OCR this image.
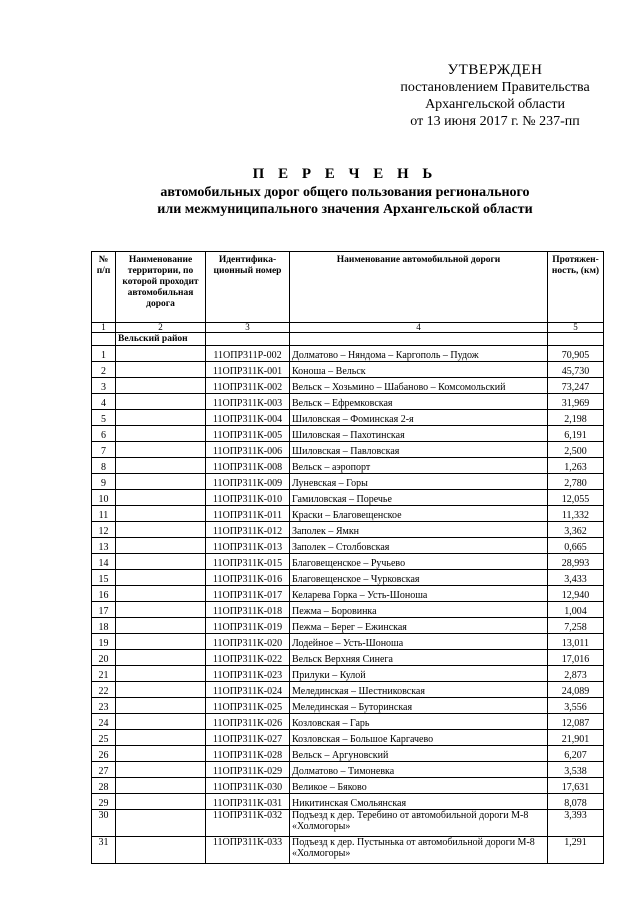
УТВЕРЖДЕН
постановлением Правительства
Архангельской области
от 13 июня 2017 г. № 237-пп
П Е Р Е Ч Е Н Ь
автомобильных дорог общего пользования регионального
или межмуниципального значения Архангельской области
№ п/п	Наименование территории, по которой проходит автомобильная дорога	Идентифика-ционный номер	Наименование автомобильной дороги	Протяжен-ность, (км)
1	2	3	4	5
	Вельский район			
1		11ОПР311Р-002	Долматово – Няндома – Каргополь – Пудож	70,905
2		11ОПР311К-001	Коноша – Вельск	45,730
3		11ОПР311К-002	Вельск – Хозьмино – Шабаново – Комсомольский	73,247
4		11ОПР311К-003	Вельск – Ефремковская	31,969
5		11ОПР311К-004	Шиловская – Фоминская 2-я	2,198
6		11ОПР311К-005	Шиловская – Пахотинская	6,191
7		11ОПР311К-006	Шиловская – Павловская	2,500
8		11ОПР311К-008	Вельск – аэропорт	1,263
9		11ОПР311К-009	Луневская – Горы	2,780
10		11ОПР311К-010	Гамиловская – Поречье	12,055
11		11ОПР311К-011	Краски – Благовещенское	11,332
12		11ОПР311К-012	Заполек – Ямкн	3,362
13		11ОПР311К-013	Заполек – Столбовская	0,665
14		11ОПР311К-015	Благовещенское – Ручьево	28,993
15		11ОПР311К-016	Благовещенское – Чурковская	3,433
16		11ОПР311К-017	Келарева Горка – Усть-Шоноша	12,940
17		11ОПР311К-018	Пежма – Боровинка	1,004
18		11ОПР311К-019	Пежма – Берег – Ежинская	7,258
19		11ОПР311К-020	Лодейное – Усть-Шоноша	13,011
20		11ОПР311К-022	Вельск Верхняя Синега	17,016
21		11ОПР311К-023	Прилуки – Кулой	2,873
22		11ОПР311К-024	Мелединская – Шестниковская	24,089
23		11ОПР311К-025	Мелединская – Буторинская	3,556
24		11ОПР311К-026	Козловская – Гарь	12,087
25		11ОПР311К-027	Козловская – Большое Каргачево	21,901
26		11ОПР311К-028	Вельск – Аргуновский	6,207
27		11ОПР311К-029	Долматово – Тимоневка	3,538
28		11ОПР311К-030	Великое – Бяково	17,631
29		11ОПР311К-031	Никитинская Смольянская	8,078
30		11ОПР311К-032	Подъезд к дер. Теребино от автомобильной дороги М-8 «Холмогоры»	3,393
31		11ОПР311К-033	Подъезд к дер. Пустынька от автомобильной дороги М-8 «Холмогоры»	1,291
